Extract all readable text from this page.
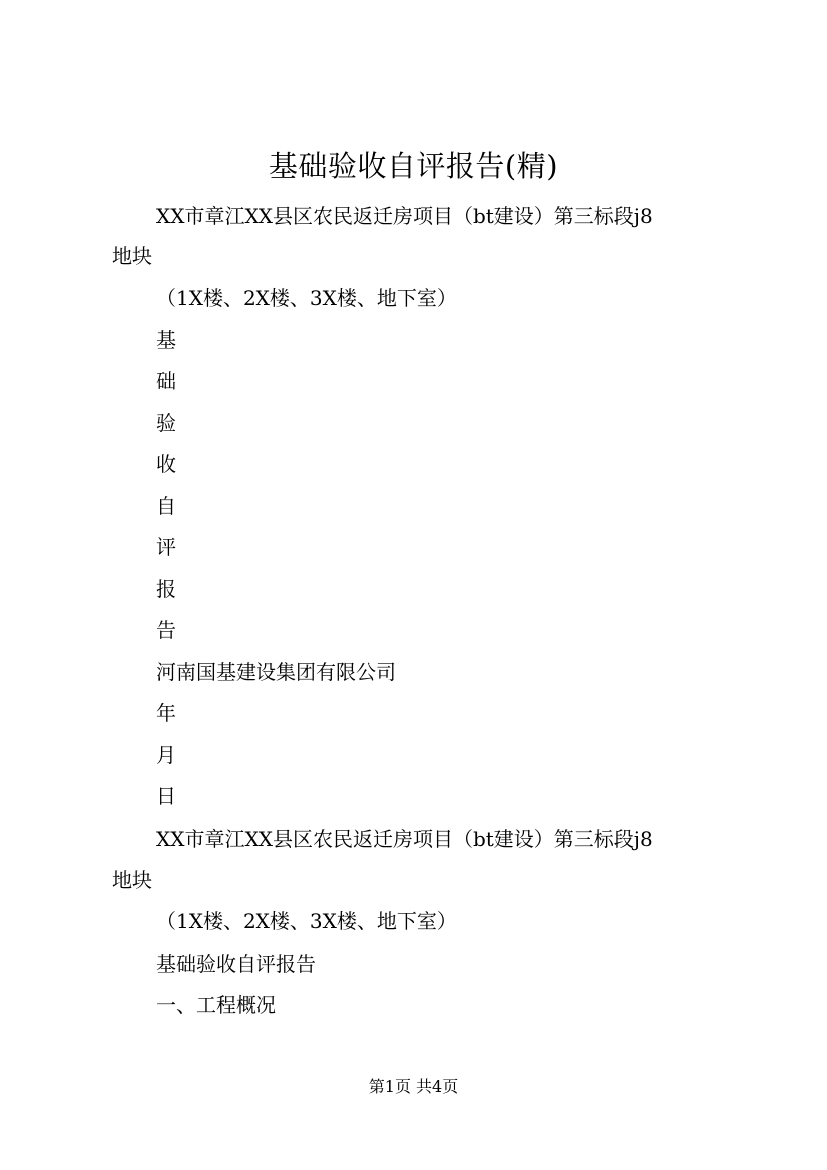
基础验收自评报告(精)
XX市章江XX县区农民返迁房项目（bt建设）第三标段j8
地块
（1X楼、2X楼、3X楼、地下室）
基
础
验
收
自
评
报
告
河南国基建设集团有限公司
年
月
日
XX市章江XX县区农民返迁房项目（bt建设）第三标段j8
地块
（1X楼、2X楼、3X楼、地下室）
基础验收自评报告
一、工程概况
第1页 共4页
